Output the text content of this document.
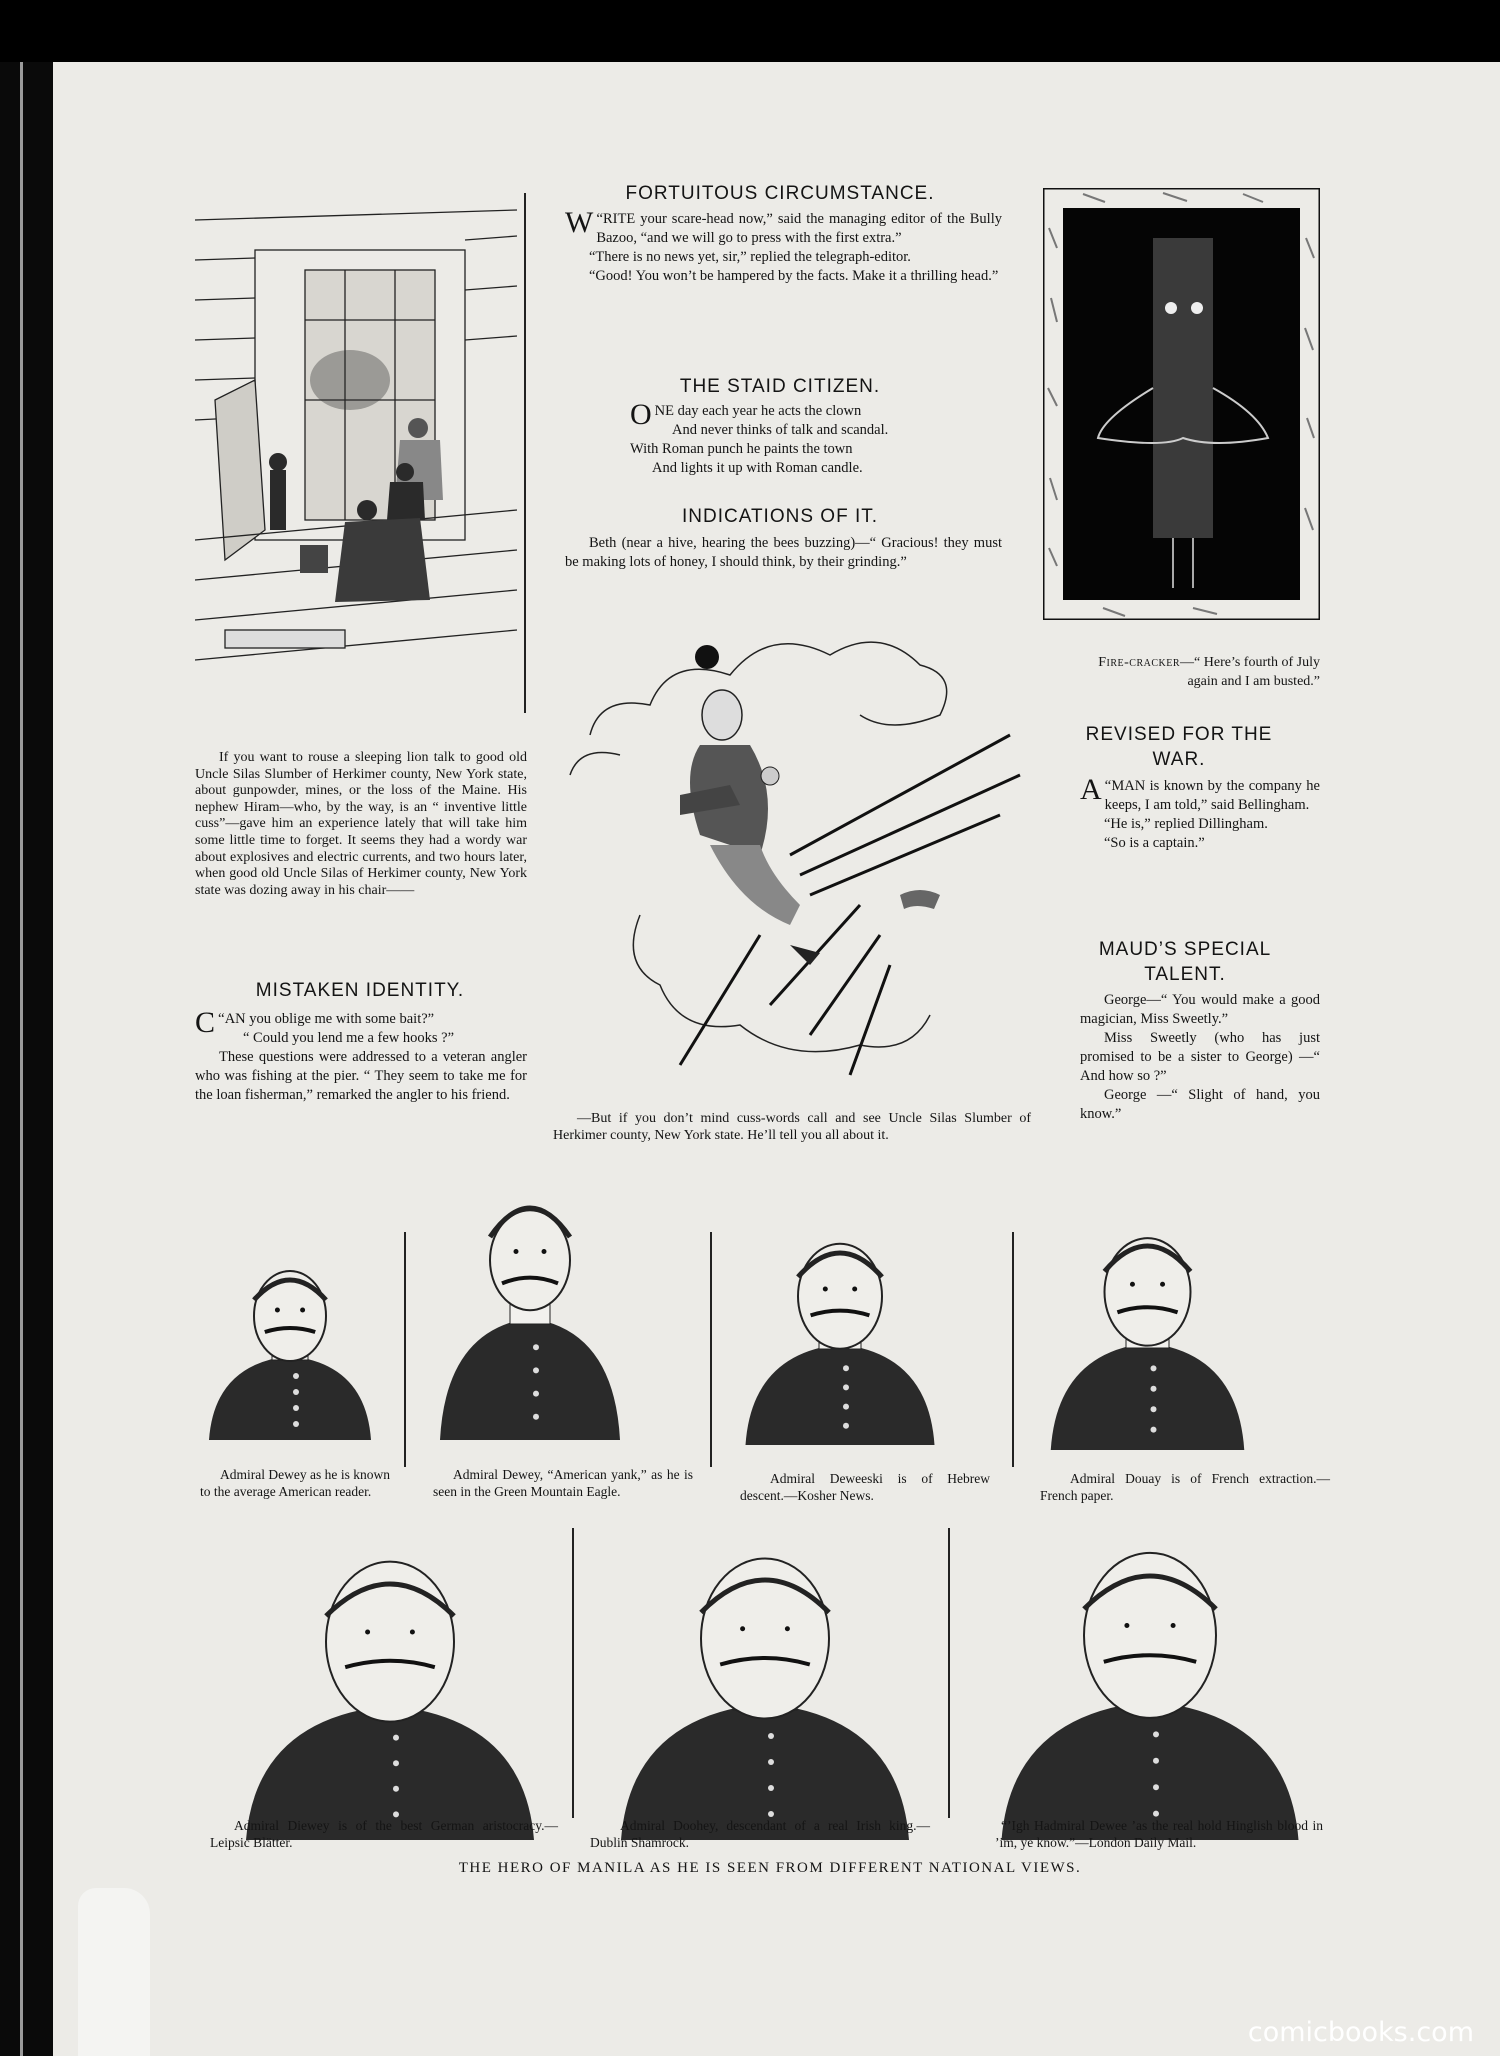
FORTUITOUS CIRCUMSTANCE.

“
W RITE your scare-head now,” said the managing editor of the Bully Bazoo, “and we will go to press with the first extra.”

“There is no news yet, sir,” replied the telegraph-editor.

“Good! You won’t be hampered by the facts. Make it a thrilling head.”

THE STAID CITIZEN.

ONE day each year he acts the clown

And never thinks of talk and scandal.

With Roman punch he paints the town

And lights it up with Roman candle.

INDICATIONS OF IT.

Beth (near a hive, hearing the bees buzzing)—“ Gracious! they must be making lots of honey, I should think, by their grinding.”

Fire-cracker—“ Here’s fourth of July again and I am busted.”

If you want to rouse a sleeping lion talk to good old Uncle Silas Slumber of Herkimer county, New York state, about gunpowder, mines, or the loss of the Maine. His nephew Hiram—who, by the way, is an “ inventive little cuss”—gave him an experience lately that will take him some little time to forget. It seems they had a wordy war about explosives and electric currents, and two hours later, when good old Uncle Silas of Herkimer county, New York state was dozing away in his chair——

—But if you don’t mind cuss-words call and see Uncle Silas Slumber of Herkimer county, New York state. He’ll tell you all about it.

REVISED FOR THE WAR.

“
A MAN is known by the company he keeps, I am told,” said Bellingham.

“He is,” replied Dillingham.

“So is a captain.”

MAUD’S SPECIAL TALENT.

George—“ You would make a good magician, Miss Sweetly.”

Miss Sweetly (who has just promised to be a sister to George) —“ And how so ?”

George —“ Slight of hand, you know.”

MISTAKEN IDENTITY.

“
C AN you oblige me with some bait?”

“ Could you lend me a few hooks ?”

These questions were addressed to a veteran angler who was fishing at the pier. “ They seem to take me for the loan fisherman,” remarked the angler to his friend.

Admiral Dewey as he is known to the average American reader.

Admiral Dewey, “American yank,” as he is seen in the Green Mountain Eagle.

Admiral Deweeski is of Hebrew descent.—Kosher News.

Admiral Douay is of French extraction.—French paper.

Admiral Diewey is of the best German aristocracy.—Leipsic Blätter.

Admiral Doohey, descendant of a real Irish king.—Dublin Shamrock.

“’Igh Hadmiral Dewee ’as the real hold Hinglish blood in ’im, ye know.”—London Daily Mail.

THE HERO OF MANILA AS HE IS SEEN FROM DIFFERENT NATIONAL VIEWS.
comicbooks.com
